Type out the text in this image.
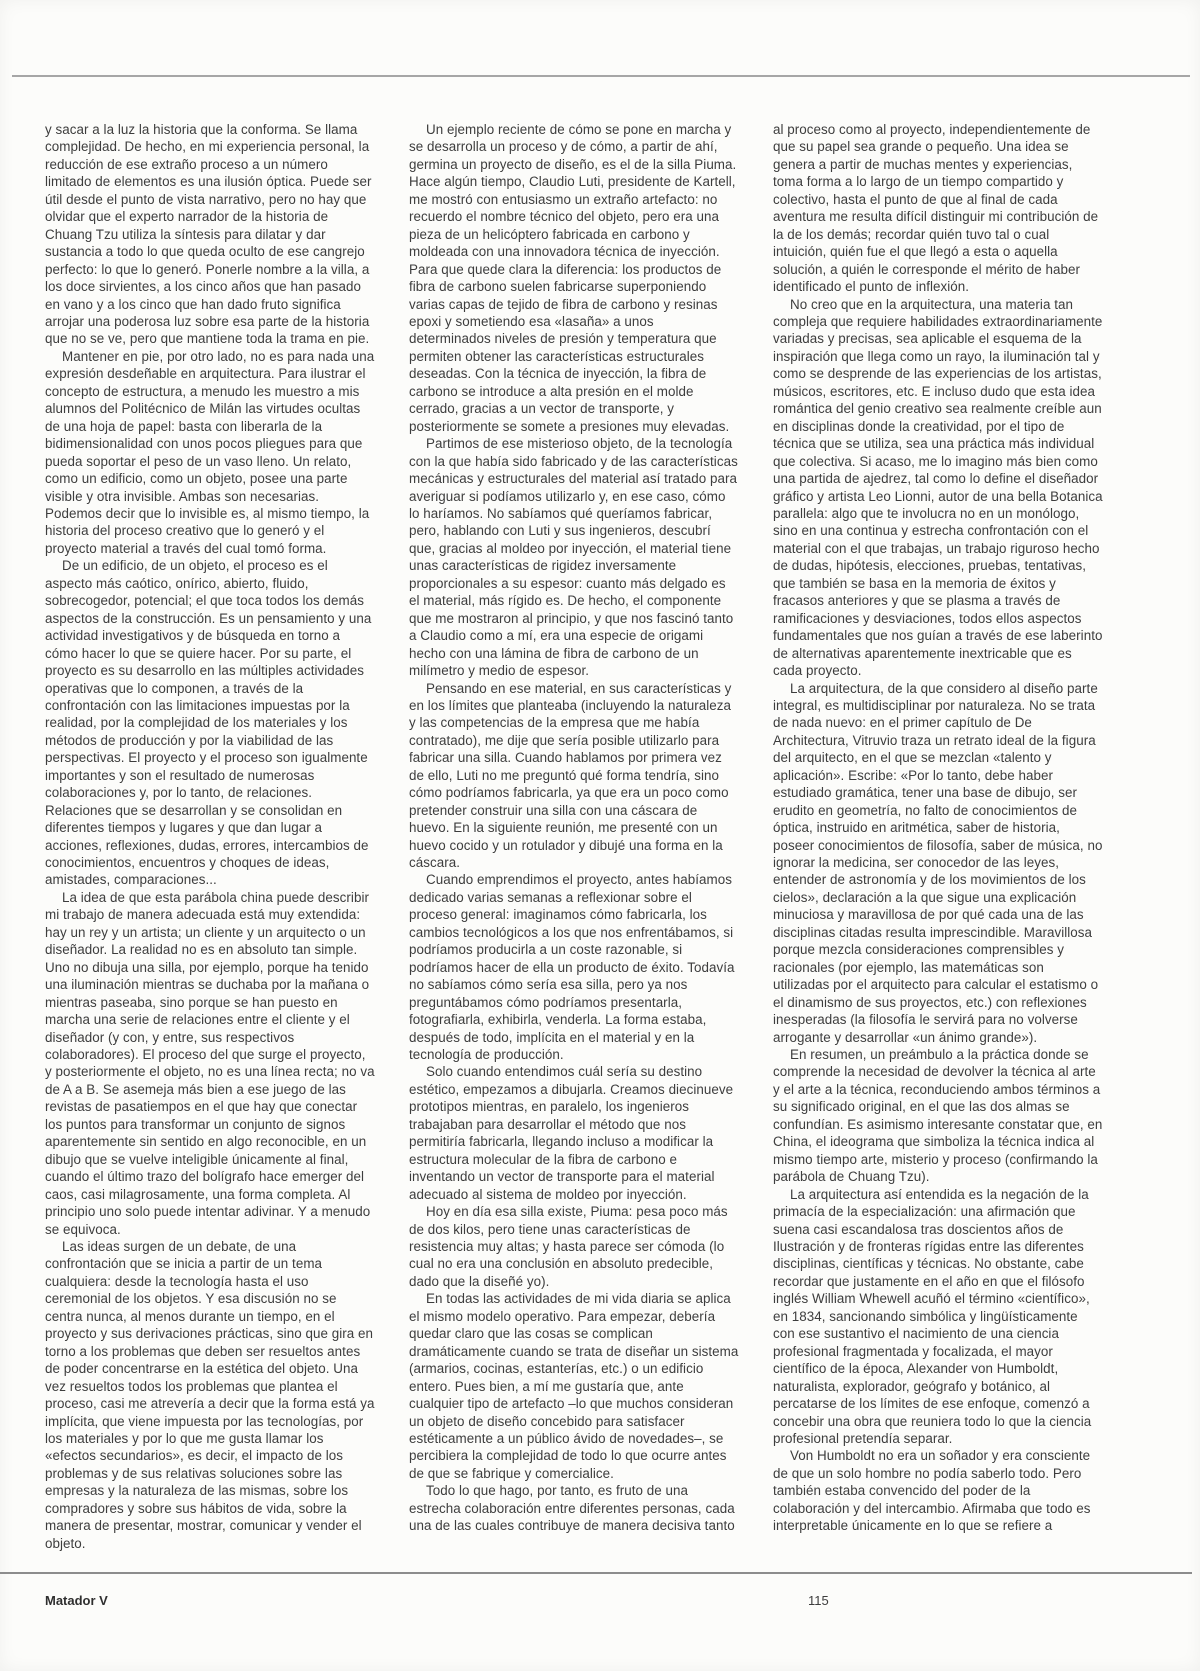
y sacar a la luz la historia que la conforma. Se llama complejidad. De hecho, en mi experiencia personal, la reducción de ese extraño proceso a un número limitado de elementos es una ilusión óptica. Puede ser útil desde el punto de vista narrativo, pero no hay que olvidar que el experto narrador de la historia de Chuang Tzu utiliza la síntesis para dilatar y dar sustancia a todo lo que queda oculto de ese cangrejo perfecto: lo que lo generó. Ponerle nombre a la villa, a los doce sirvientes, a los cinco años que han pasado en vano y a los cinco que han dado fruto significa arrojar una poderosa luz sobre esa parte de la historia que no se ve, pero que mantiene toda la trama en pie.

Mantener en pie, por otro lado, no es para nada una expresión desdeñable en arquitectura. Para ilustrar el concepto de estructura, a menudo les muestro a mis alumnos del Politécnico de Milán las virtudes ocultas de una hoja de papel: basta con liberarla de la bidimensionalidad con unos pocos pliegues para que pueda soportar el peso de un vaso lleno. Un relato, como un edificio, como un objeto, posee una parte visible y otra invisible. Ambas son necesarias. Podemos decir que lo invisible es, al mismo tiempo, la historia del proceso creativo que lo generó y el proyecto material a través del cual tomó forma.

De un edificio, de un objeto, el proceso es el aspecto más caótico, onírico, abierto, fluido, sobrecogedor, potencial; el que toca todos los demás aspectos de la construcción. Es un pensamiento y una actividad investigativos y de búsqueda en torno a cómo hacer lo que se quiere hacer. Por su parte, el proyecto es su desarrollo en las múltiples actividades operativas que lo componen, a través de la confrontación con las limitaciones impuestas por la realidad, por la complejidad de los materiales y los métodos de producción y por la viabilidad de las perspectivas. El proyecto y el proceso son igualmente importantes y son el resultado de numerosas colaboraciones y, por lo tanto, de relaciones. Relaciones que se desarrollan y se consolidan en diferentes tiempos y lugares y que dan lugar a acciones, reflexiones, dudas, errores, intercambios de conocimientos, encuentros y choques de ideas, amistades, comparaciones...

La idea de que esta parábola china puede describir mi trabajo de manera adecuada está muy extendida: hay un rey y un artista; un cliente y un arquitecto o un diseñador. La realidad no es en absoluto tan simple. Uno no dibuja una silla, por ejemplo, porque ha tenido una iluminación mientras se duchaba por la mañana o mientras paseaba, sino porque se han puesto en marcha una serie de relaciones entre el cliente y el diseñador (y con, y entre, sus respectivos colaboradores). El proceso del que surge el proyecto, y posteriormente el objeto, no es una línea recta; no va de A a B. Se asemeja más bien a ese juego de las revistas de pasatiempos en el que hay que conectar los puntos para transformar un conjunto de signos aparentemente sin sentido en algo reconocible, en un dibujo que se vuelve inteligible únicamente al final, cuando el último trazo del bolígrafo hace emerger del caos, casi milagrosamente, una forma completa. Al principio uno solo puede intentar adivinar. Y a menudo se equivoca.

Las ideas surgen de un debate, de una confrontación que se inicia a partir de un tema cualquiera: desde la tecnología hasta el uso ceremonial de los objetos. Y esa discusión no se centra nunca, al menos durante un tiempo, en el proyecto y sus derivaciones prácticas, sino que gira en torno a los problemas que deben ser resueltos antes de poder concentrarse en la estética del objeto. Una vez resueltos todos los problemas que plantea el proceso, casi me atrevería a decir que la forma está ya implícita, que viene impuesta por las tecnologías, por los materiales y por lo que me gusta llamar los «efectos secundarios», es decir, el impacto de los problemas y de sus relativas soluciones sobre las empresas y la naturaleza de las mismas, sobre los compradores y sobre sus hábitos de vida, sobre la manera de presentar, mostrar, comunicar y vender el objeto.

Un ejemplo reciente de cómo se pone en marcha y se desarrolla un proceso y de cómo, a partir de ahí, germina un proyecto de diseño, es el de la silla Piuma. Hace algún tiempo, Claudio Luti, presidente de Kartell, me mostró con entusiasmo un extraño artefacto: no recuerdo el nombre técnico del objeto, pero era una pieza de un helicóptero fabricada en carbono y moldeada con una innovadora técnica de inyección. Para que quede clara la diferencia: los productos de fibra de carbono suelen fabricarse superponiendo varias capas de tejido de fibra de carbono y resinas epoxi y sometiendo esa «lasaña» a unos determinados niveles de presión y temperatura que permiten obtener las características estructurales deseadas. Con la técnica de inyección, la fibra de carbono se introduce a alta presión en el molde cerrado, gracias a un vector de transporte, y posteriormente se somete a presiones muy elevadas.

Partimos de ese misterioso objeto, de la tecnología con la que había sido fabricado y de las características mecánicas y estructurales del material así tratado para averiguar si podíamos utilizarlo y, en ese caso, cómo lo haríamos. No sabíamos qué queríamos fabricar, pero, hablando con Luti y sus ingenieros, descubrí que, gracias al moldeo por inyección, el material tiene unas características de rigidez inversamente proporcionales a su espesor: cuanto más delgado es el material, más rígido es. De hecho, el componente que me mostraron al principio, y que nos fascinó tanto a Claudio como a mí, era una especie de origami hecho con una lámina de fibra de carbono de un milímetro y medio de espesor.

Pensando en ese material, en sus características y en los límites que planteaba (incluyendo la naturaleza y las competencias de la empresa que me había contratado), me dije que sería posible utilizarlo para fabricar una silla. Cuando hablamos por primera vez de ello, Luti no me preguntó qué forma tendría, sino cómo podríamos fabricarla, ya que era un poco como pretender construir una silla con una cáscara de huevo. En la siguiente reunión, me presenté con un huevo cocido y un rotulador y dibujé una forma en la cáscara.

Cuando emprendimos el proyecto, antes habíamos dedicado varias semanas a reflexionar sobre el proceso general: imaginamos cómo fabricarla, los cambios tecnológicos a los que nos enfrentábamos, si podríamos producirla a un coste razonable, si podríamos hacer de ella un producto de éxito. Todavía no sabíamos cómo sería esa silla, pero ya nos preguntábamos cómo podríamos presentarla, fotografiarla, exhibirla, venderla. La forma estaba, después de todo, implícita en el material y en la tecnología de producción.

Solo cuando entendimos cuál sería su destino estético, empezamos a dibujarla. Creamos diecinueve prototipos mientras, en paralelo, los ingenieros trabajaban para desarrollar el método que nos permitiría fabricarla, llegando incluso a modificar la estructura molecular de la fibra de carbono e inventando un vector de transporte para el material adecuado al sistema de moldeo por inyección.

Hoy en día esa silla existe, Piuma: pesa poco más de dos kilos, pero tiene unas características de resistencia muy altas; y hasta parece ser cómoda (lo cual no era una conclusión en absoluto predecible, dado que la diseñé yo).

En todas las actividades de mi vida diaria se aplica el mismo modelo operativo. Para empezar, debería quedar claro que las cosas se complican dramáticamente cuando se trata de diseñar un sistema (armarios, cocinas, estanterías, etc.) o un edificio entero. Pues bien, a mí me gustaría que, ante cualquier tipo de artefacto –lo que muchos consideran un objeto de diseño concebido para satisfacer estéticamente a un público ávido de novedades–, se percibiera la complejidad de todo lo que ocurre antes de que se fabrique y comercialice.

Todo lo que hago, por tanto, es fruto de una estrecha colaboración entre diferentes personas, cada una de las cuales contribuye de manera decisiva tanto

al proceso como al proyecto, independientemente de que su papel sea grande o pequeño. Una idea se genera a partir de muchas mentes y experiencias, toma forma a lo largo de un tiempo compartido y colectivo, hasta el punto de que al final de cada aventura me resulta difícil distinguir mi contribución de la de los demás; recordar quién tuvo tal o cual intuición, quién fue el que llegó a esta o aquella solución, a quién le corresponde el mérito de haber identificado el punto de inflexión.

No creo que en la arquitectura, una materia tan compleja que requiere habilidades extraordinariamente variadas y precisas, sea aplicable el esquema de la inspiración que llega como un rayo, la iluminación tal y como se desprende de las experiencias de los artistas, músicos, escritores, etc. E incluso dudo que esta idea romántica del genio creativo sea realmente creíble aun en disciplinas donde la creatividad, por el tipo de técnica que se utiliza, sea una práctica más individual que colectiva. Si acaso, me lo imagino más bien como una partida de ajedrez, tal como lo define el diseñador gráfico y artista Leo Lionni, autor de una bella Botanica parallela: algo que te involucra no en un monólogo, sino en una continua y estrecha confrontación con el material con el que trabajas, un trabajo riguroso hecho de dudas, hipótesis, elecciones, pruebas, tentativas, que también se basa en la memoria de éxitos y fracasos anteriores y que se plasma a través de ramificaciones y desviaciones, todos ellos aspectos fundamentales que nos guían a través de ese laberinto de alternativas aparentemente inextricable que es cada proyecto.

La arquitectura, de la que considero al diseño parte integral, es multidisciplinar por naturaleza. No se trata de nada nuevo: en el primer capítulo de De Architectura, Vitruvio traza un retrato ideal de la figura del arquitecto, en el que se mezclan «talento y aplicación». Escribe: «Por lo tanto, debe haber estudiado gramática, tener una base de dibujo, ser erudito en geometría, no falto de conocimientos de óptica, instruido en aritmética, saber de historia, poseer conocimientos de filosofía, saber de música, no ignorar la medicina, ser conocedor de las leyes, entender de astronomía y de los movimientos de los cielos», declaración a la que sigue una explicación minuciosa y maravillosa de por qué cada una de las disciplinas citadas resulta imprescindible. Maravillosa porque mezcla consideraciones comprensibles y racionales (por ejemplo, las matemáticas son utilizadas por el arquitecto para calcular el estatismo o el dinamismo de sus proyectos, etc.) con reflexiones inesperadas (la filosofía le servirá para no volverse arrogante y desarrollar «un ánimo grande»).

En resumen, un preámbulo a la práctica donde se comprende la necesidad de devolver la técnica al arte y el arte a la técnica, reconduciendo ambos términos a su significado original, en el que las dos almas se confundían. Es asimismo interesante constatar que, en China, el ideograma que simboliza la técnica indica al mismo tiempo arte, misterio y proceso (confirmando la parábola de Chuang Tzu).

La arquitectura así entendida es la negación de la primacía de la especialización: una afirmación que suena casi escandalosa tras doscientos años de Ilustración y de fronteras rígidas entre las diferentes disciplinas, científicas y técnicas. No obstante, cabe recordar que justamente en el año en que el filósofo inglés William Whewell acuñó el término «científico», en 1834, sancionando simbólica y lingüísticamente con ese sustantivo el nacimiento de una ciencia profesional fragmentada y focalizada, el mayor científico de la época, Alexander von Humboldt, naturalista, explorador, geógrafo y botánico, al percatarse de los límites de ese enfoque, comenzó a concebir una obra que reuniera todo lo que la ciencia profesional pretendía separar.

Von Humboldt no era un soñador y era consciente de que un solo hombre no podía saberlo todo. Pero también estaba convencido del poder de la colaboración y del intercambio. Afirmaba que todo es interpretable únicamente en lo que se refiere a

Matador V	115
